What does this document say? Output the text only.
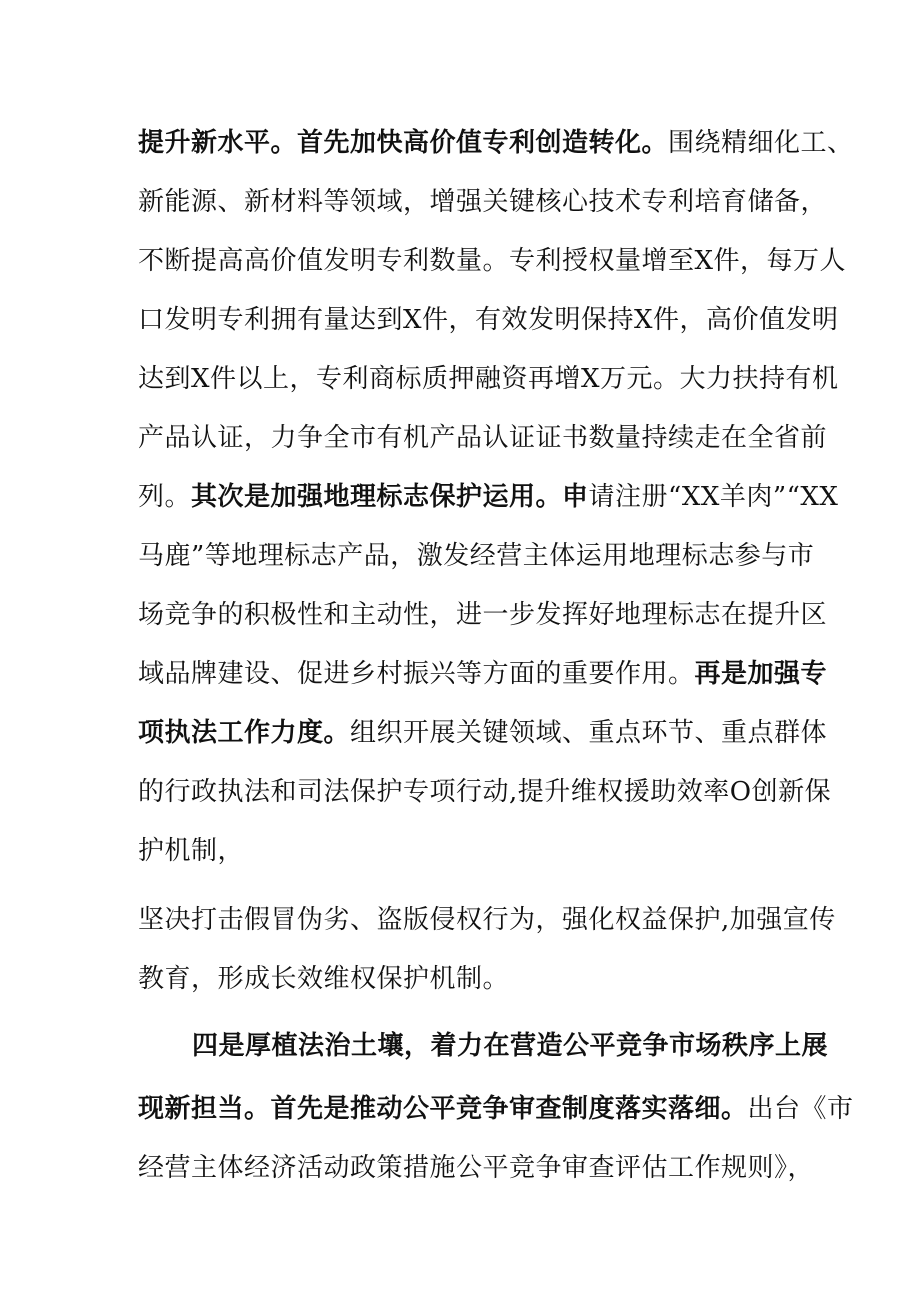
提升新水平。首先加快高价值专利创造转化。围绕精细化工、
新能源、新材料等领域，增强关键核心技术专利培育储备，
不断提高高价值发明专利数量。专利授权量增至X件，每万人
口发明专利拥有量达到X件，有效发明保持X件，高价值发明
达到X件以上，专利商标质押融资再增X万元。大力扶持有机
产品认证，力争全市有机产品认证证书数量持续走在全省前
列。其次是加强地理标志保护运用。申请注册“XX羊肉”“XX
马鹿”等地理标志产品，激发经营主体运用地理标志参与市
场竞争的积极性和主动性，进一步发挥好地理标志在提升区
域品牌建设、促进乡村振兴等方面的重要作用。再是加强专
项执法工作力度。组织开展关键领域、重点环节、重点群体
的行政执法和司法保护专项行动,提升维权援助效率O创新保
护机制，
坚决打击假冒伪劣、盗版侵权行为，强化权益保护,加强宣传
教育，形成长效维权保护机制。
四是厚植法治土壤，着力在营造公平竞争市场秩序上展
现新担当。首先是推动公平竞争审查制度落实落细。出台《市
经营主体经济活动政策措施公平竞争审查评估工作规则》，
